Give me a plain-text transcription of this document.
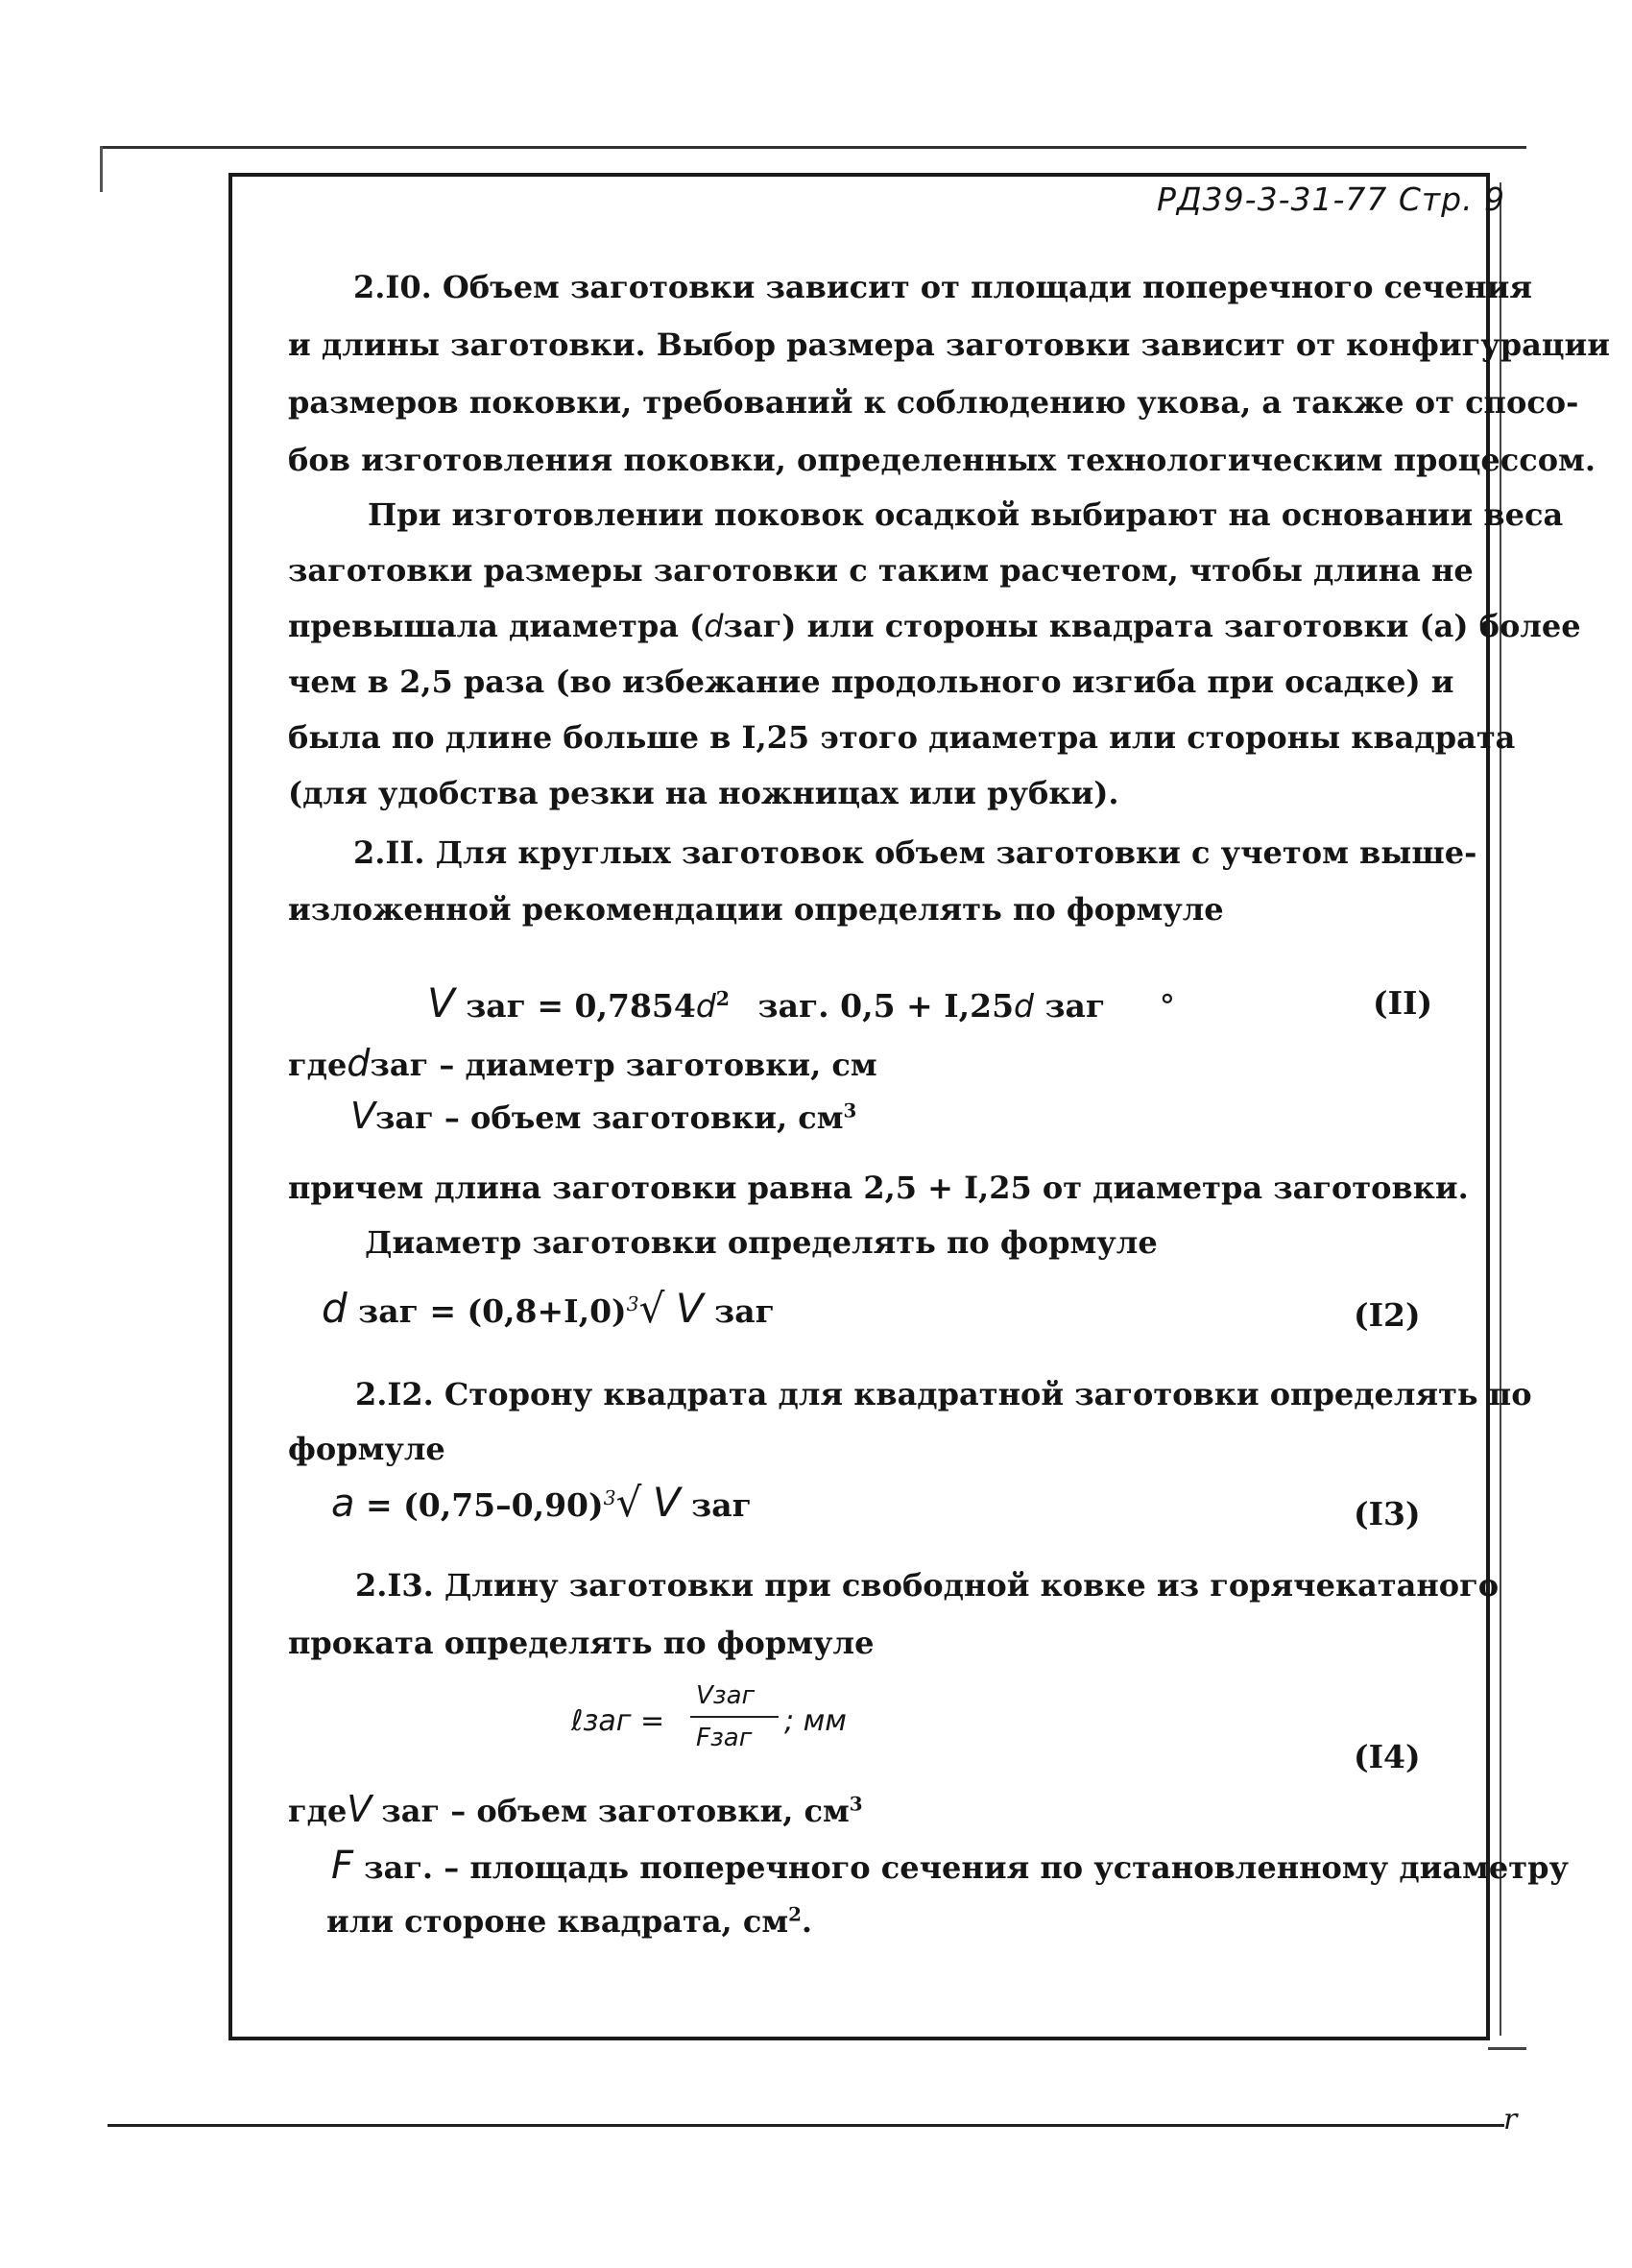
r
РД39-3-31-77 Стр. 9
2.I0. Объем заготовки зависит от площади поперечного сечения
и длины заготовки. Выбор размера заготовки зависит от конфигурации
размеров поковки, требований к соблюдению укова, а также от спосо-
бов изготовления поковки, определенных технологическим процессом.
При изготовлении поковок осадкой выбирают на основании веса
заготовки размеры заготовки с таким расчетом, чтобы длина не
превышала диаметра (dзаг) или стороны квадрата заготовки (а) более
чем в 2,5 раза (во избежание продольного изгиба при осадке) и
была по длине больше в I,25 этого диаметра или стороны квадрата
(для удобства резки на ножницах или рубки).
2.II. Для круглых заготовок объем заготовки с учетом выше-
изложенной рекомендации определять по формуле
V заг = $0,7854d^2$ заг. 0,5 + I,25d заг °	(II)
гдеdзаг – диаметр заготовки, см
Vзаг – объем заготовки, $см^3$
причем длина заготовки равна 2,5 + I,25 от диаметра заготовки.
Диаметр заготовки определять по формуле
d заг = $(0,8+I,0)^3√$ V заг	(I2)
2.I2. Сторону квадрата для квадратной заготовки определять по
формуле
$a = (0,75-0,90)^3√$ V заг	(I3)
2.I3. Длину заготовки при свободной ковке из горячекатаного
проката определять по формуле
ℓзаг =
Vзаг
Fзаг ; мм
(I4)
гдеV заг – объем заготовки, $см^3$
F заг. – площадь поперечного сечения по установленному диаметру
или стороне квадрата, $см^2$.
